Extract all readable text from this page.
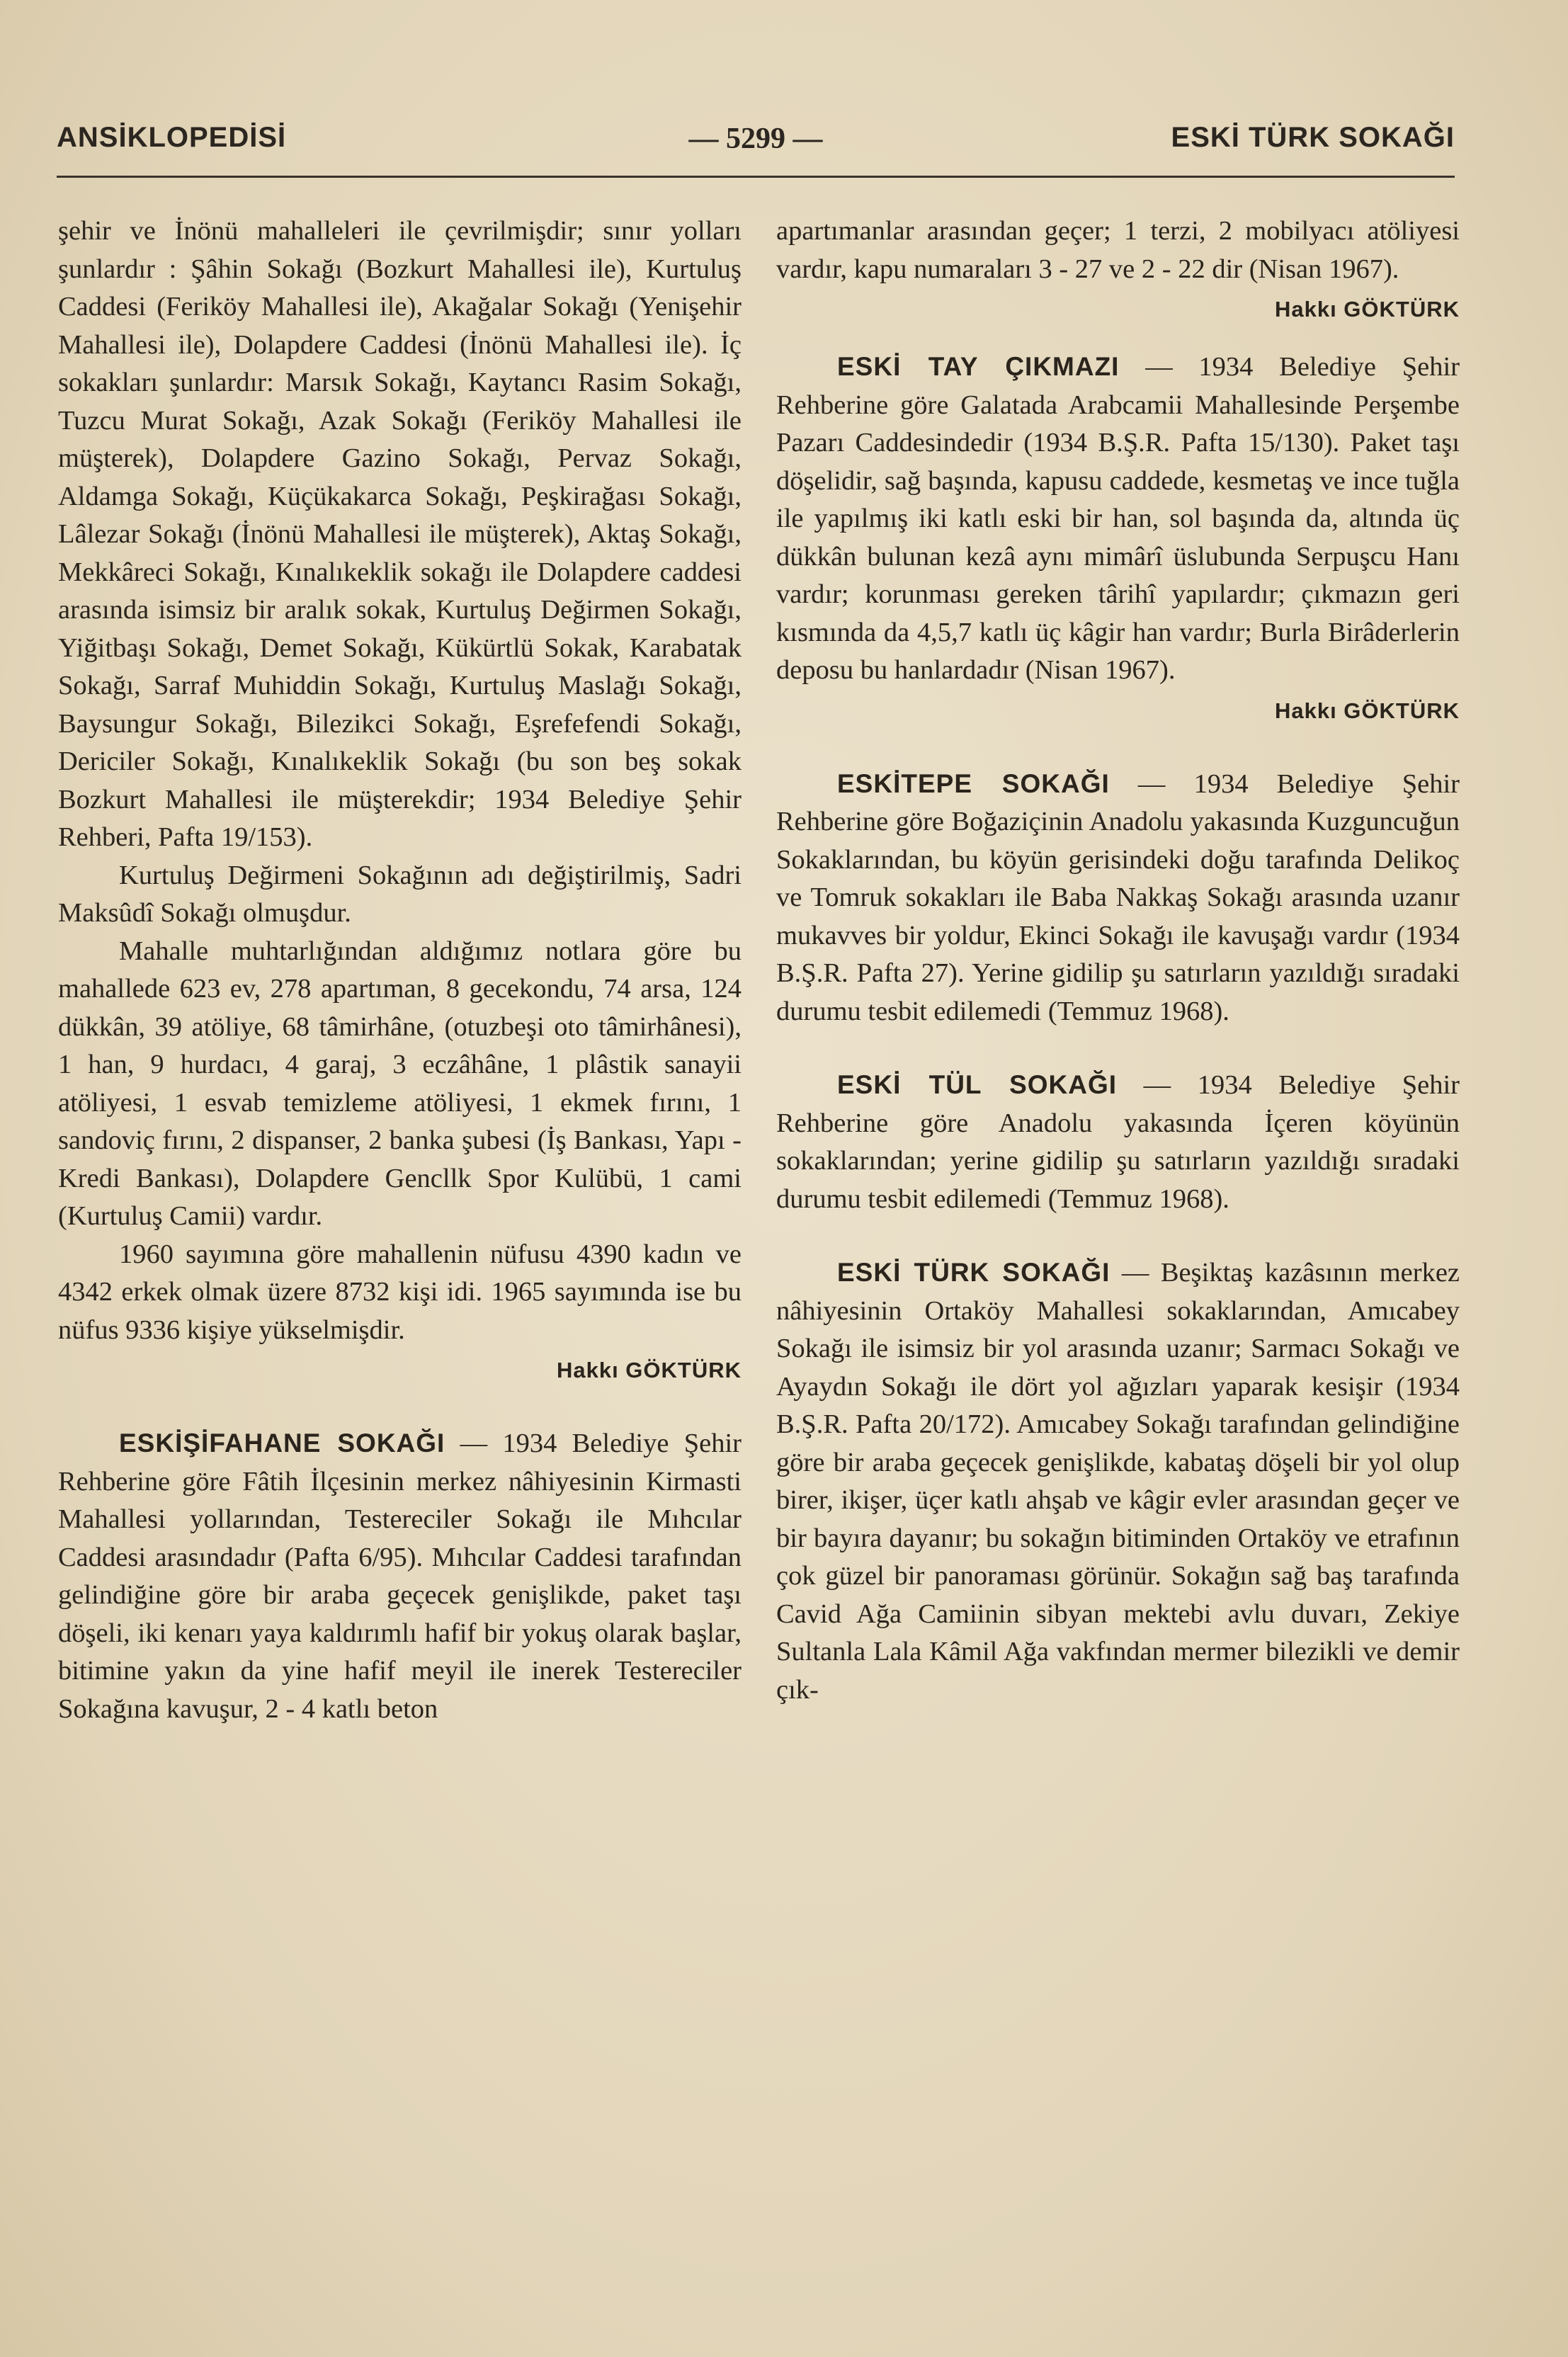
ANSİKLOPEDİSİ	— 5299 —	ESKİ TÜRK SOKAĞI

şehir ve İnönü mahalleleri ile çevrilmişdir; sınır yolları şunlardır : Şâhin Sokağı (Bozkurt Mahallesi ile), Kurtuluş Caddesi (Feriköy Mahallesi ile), Akağalar Sokağı (Yenişehir Mahallesi ile), Dolapdere Caddesi (İnönü Mahallesi ile). İç sokakları şunlardır: Marsık Sokağı, Kaytancı Rasim Sokağı, Tuzcu Murat Sokağı, Azak Sokağı (Feriköy Mahallesi ile müşterek), Dolapdere Gazino Sokağı, Pervaz Sokağı, Aldamga Sokağı, Küçükakarca Sokağı, Peşkirağası Sokağı, Lâlezar Sokağı (İnönü Mahallesi ile müşterek), Aktaş Sokağı, Mekkâreci Sokağı, Kınalıkeklik sokağı ile Dolapdere caddesi arasında isimsiz bir aralık sokak, Kurtuluş Değirmen Sokağı, Yiğitbaşı Sokağı, Demet Sokağı, Kükürtlü Sokak, Karabatak Sokağı, Sarraf Muhiddin Sokağı, Kurtuluş Maslağı Sokağı, Baysungur Sokağı, Bilezikci Sokağı, Eşrefefendi Sokağı, Dericiler Sokağı, Kınalıkeklik Sokağı (bu son beş sokak Bozkurt Mahallesi ile müşterekdir; 1934 Belediye Şehir Rehberi, Pafta 19/153).

Kurtuluş Değirmeni Sokağının adı değiştirilmiş, Sadri Maksûdî Sokağı olmuşdur.

Mahalle muhtarlığından aldığımız notlara göre bu mahallede 623 ev, 278 apartıman, 8 gecekondu, 74 arsa, 124 dükkân, 39 atöliye, 68 tâmirhâne, (otuzbeşi oto tâmirhânesi), 1 han, 9 hurdacı, 4 garaj, 3 eczâhâne, 1 plâstik sanayii atöliyesi, 1 esvab temizleme atöliyesi, 1 ekmek fırını, 1 sandoviç fırını, 2 dispanser, 2 banka şubesi (İş Bankası, Yapı - Kredi Bankası), Dolapdere Gencllk Spor Kulübü, 1 cami (Kurtuluş Camii) vardır.

1960 sayımına göre mahallenin nüfusu 4390 kadın ve 4342 erkek olmak üzere 8732 kişi idi. 1965 sayımında ise bu nüfus 9336 kişiye yükselmişdir.

Hakkı GÖKTÜRK

ESKİŞİFAHANE SOKAĞI — 1934 Belediye Şehir Rehberine göre Fâtih İlçesinin merkez nâhiyesinin Kirmasti Mahallesi yollarından, Testereciler Sokağı ile Mıhcılar Caddesi arasındadır (Pafta 6/95). Mıhcılar Caddesi tarafından gelindiğine göre bir araba geçecek genişlikde, paket taşı döşeli, iki kenarı yaya kaldırımlı hafif bir yokuş olarak başlar, bitimine yakın da yine hafif meyil ile inerek Testereciler Sokağına kavuşur, 2 - 4 katlı beton

apartımanlar arasından geçer; 1 terzi, 2 mobilyacı atöliyesi vardır, kapu numaraları 3 - 27 ve 2 - 22 dir (Nisan 1967).

Hakkı GÖKTÜRK

ESKİ TAY ÇIKMAZI — 1934 Belediye Şehir Rehberine göre Galatada Arabcamii Mahallesinde Perşembe Pazarı Caddesindedir (1934 B.Ş.R. Pafta 15/130). Paket taşı döşelidir, sağ başında, kapusu caddede, kesmetaş ve ince tuğla ile yapılmış iki katlı eski bir han, sol başında da, altında üç dükkân bulunan kezâ aynı mimârî üslubunda Serpuşcu Hanı vardır; korunması gereken târihî yapılardır; çıkmazın geri kısmında da 4,5,7 katlı üç kâgir han vardır; Burla Birâderlerin deposu bu hanlardadır (Nisan 1967).

Hakkı GÖKTÜRK

ESKİTEPE SOKAĞI — 1934 Belediye Şehir Rehberine göre Boğaziçinin Anadolu yakasında Kuzguncuğun Sokaklarından, bu köyün gerisindeki doğu tarafında Delikoç ve Tomruk sokakları ile Baba Nakkaş Sokağı arasında uzanır mukavves bir yoldur, Ekinci Sokağı ile kavuşağı vardır (1934 B.Ş.R. Pafta 27). Yerine gidilip şu satırların yazıldığı sıradaki durumu tesbit edilemedi (Temmuz 1968).

ESKİ TÜL SOKAĞI — 1934 Belediye Şehir Rehberine göre Anadolu yakasında İçeren köyünün sokaklarından; yerine gidilip şu satırların yazıldığı sıradaki durumu tesbit edilemedi (Temmuz 1968).

ESKİ TÜRK SOKAĞI — Beşiktaş kazâsının merkez nâhiyesinin Ortaköy Mahallesi sokaklarından, Amıcabey Sokağı ile isimsiz bir yol arasında uzanır; Sarmacı Sokağı ve Ayaydın Sokağı ile dört yol ağızları yaparak kesişir (1934 B.Ş.R. Pafta 20/172). Amıcabey Sokağı tarafından gelindiğine göre bir araba geçecek genişlikde, kabataş döşeli bir yol olup birer, ikişer, üçer katlı ahşab ve kâgir evler arasından geçer ve bir bayıra dayanır; bu sokağın bitiminden Ortaköy ve etrafının çok güzel bir panoraması görünür. Sokağın sağ baş tarafında Cavid Ağa Camiinin sibyan mektebi avlu duvarı, Zekiye Sultanla Lala Kâmil Ağa vakfından mermer bilezikli ve demir çık-
